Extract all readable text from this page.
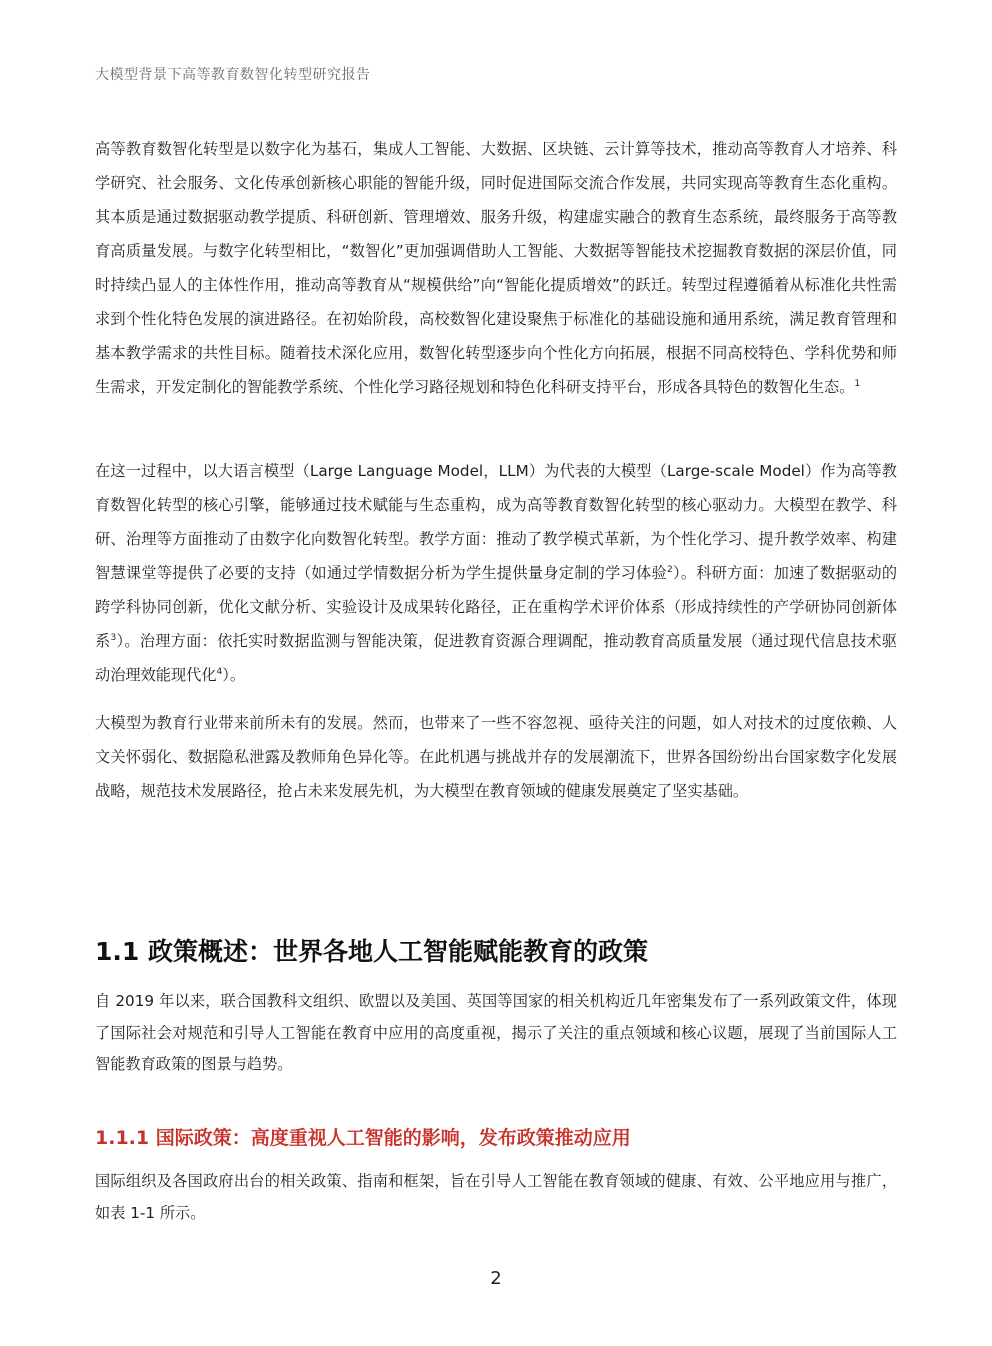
大模型背景下高等教育数智化转型研究报告

高等教育数智化转型是以数字化为基石，集成人工智能、大数据、区块链、云计算等技术，推动高等教育人才培养、科学研究、社会服务、文化传承创新核心职能的智能升级，同时促进国际交流合作发展，共同实现高等教育生态化重构。其本质是通过数据驱动教学提质、科研创新、管理增效、服务升级，构建虚实融合的教育生态系统，最终服务于高等教育高质量发展。与数字化转型相比，“数智化”更加强调借助人工智能、大数据等智能技术挖掘教育数据的深层价值，同时持续凸显人的主体性作用，推动高等教育从“规模供给”向“智能化提质增效”的跃迁。转型过程遵循着从标准化共性需求到个性化特色发展的演进路径。在初始阶段，高校数智化建设聚焦于标准化的基础设施和通用系统，满足教育管理和基本教学需求的共性目标。随着技术深化应用，数智化转型逐步向个性化方向拓展，根据不同高校特色、学科优势和师生需求，开发定制化的智能教学系统、个性化学习路径规划和特色化科研支持平台，形成各具特色的数智化生态。$^1$

在这一过程中，以大语言模型（Large Language Model，LLM）为代表的大模型（Large-scale Model）作为高等教育数智化转型的核心引擎，能够通过技术赋能与生态重构，成为高等教育数智化转型的核心驱动力。大模型在教学、科研、治理等方面推动了由数字化向数智化转型。教学方面：推动了教学模式革新，为个性化学习、提升教学效率、构建智慧课堂等提供了必要的支持（如通过学情数据分析为学生提供量身定制的学习体验$^2$）。科研方面：加速了数据驱动的跨学科协同创新，优化文献分析、实验设计及成果转化路径，正在重构学术评价体系（形成持续性的产学研协同创新体系$^3$）。治理方面：依托实时数据监测与智能决策，促进教育资源合理调配，推动教育高质量发展（通过现代信息技术驱动治理效能现代化$^4$）。

大模型为教育行业带来前所未有的发展。然而，也带来了一些不容忽视、亟待关注的问题，如人对技术的过度依赖、人文关怀弱化、数据隐私泄露及教师角色异化等。在此机遇与挑战并存的发展潮流下，世界各国纷纷出台国家数字化发展战略，规范技术发展路径，抢占未来发展先机，为大模型在教育领域的健康发展奠定了坚实基础。

1.1 政策概述：世界各地人工智能赋能教育的政策

自 2019 年以来，联合国教科文组织、欧盟以及美国、英国等国家的相关机构近几年密集发布了一系列政策文件，体现了国际社会对规范和引导人工智能在教育中应用的高度重视，揭示了关注的重点领域和核心议题，展现了当前国际人工智能教育政策的图景与趋势。

1.1.1 国际政策：高度重视人工智能的影响，发布政策推动应用

国际组织及各国政府出台的相关政策、指南和框架，旨在引导人工智能在教育领域的健康、有效、公平地应用与推广，如表 1-1 所示。

2
